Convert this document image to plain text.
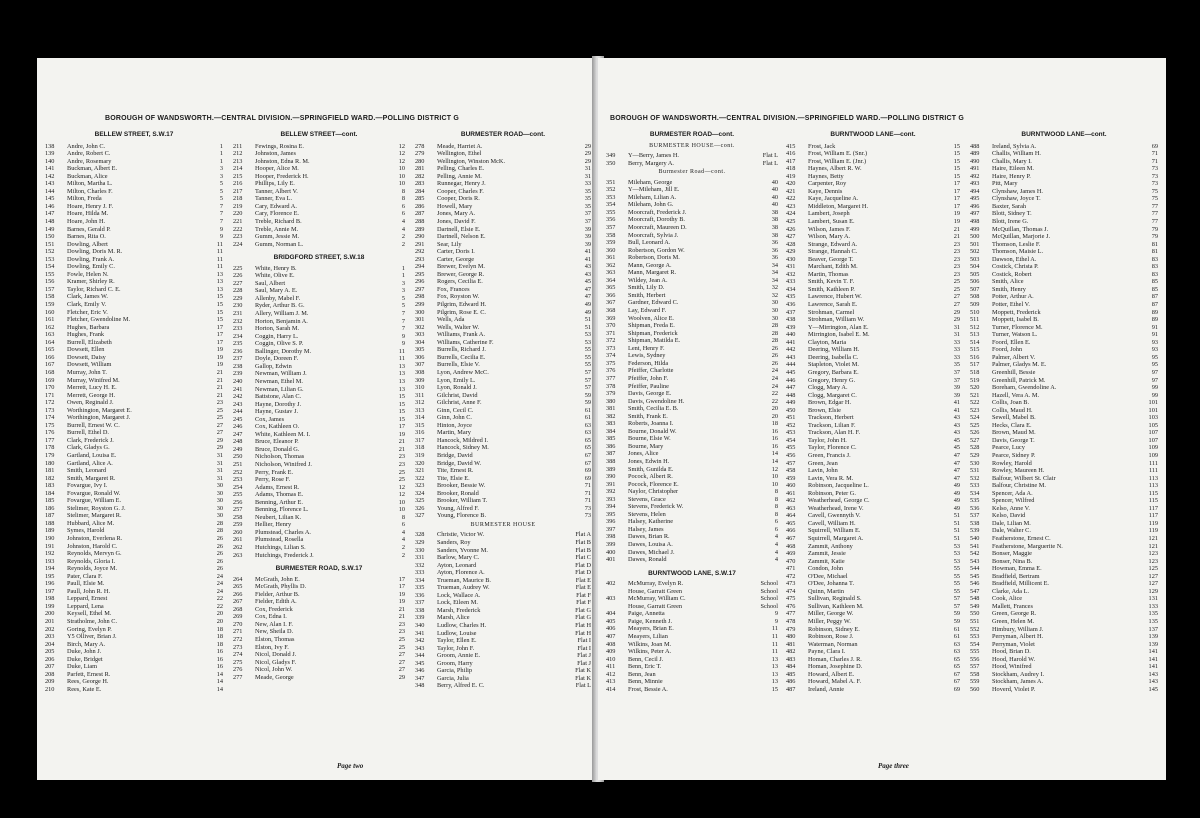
BOROUGH OF WANDSWORTH.—CENTRAL DIVISION.—SPRINGFIELD WARD.—POLLING DISTRICT G
BELLEW STREET, S.W.17
138	Andre, John C.	1
139	Andre, Robert C.	1
140	Andre, Rosemary	1
141	Buckman, Albert E.	3
142	Buckman, Alice	3
143	Milton, Martha L.	5
144	Milton, Charles F.	5
145	Milton, Freda	5
146	Hoare, Henry J. F.	7
147	Hoare, Hilda M.	7
148	Hoare, John H.	7
149	Barnes, Gerald P.	9
150	Barnes, Rita O.	9
151	Dowling, Albert	11
152	Dowling, Doris M. R.	11
153	Dowling, Frank A.	11
154	Dowling, Emily C.	11
155	Fowle, Helen N.	13
156	Kramer, Shirley R.	13
157	Taylor, Richard C. E.	13
158	Clark, James W.	15
159	Clark, Emily V.	15
160	Fletcher, Eric V.	15
161	Fletcher, Gwendoline M.	15
162	Hughes, Barbara	17
163	Hughes, Frank	17
164	Burrell, Elizabeth	17
165	Dowsett, Ellen	19
166	Dowsett, Daisy	19
167	Dowsett, William	19
168	Murray, John T.	21
169	Murray, Winifred M.	21
170	Merrett, Lucy H. E.	21
171	Merrett, George H.	21
172	Owen, Reginald J.	23
173	Worthington, Margaret E.	25
174	Worthington, Margaret J.	25
175	Burrell, Ernest W. C.	27
176	Burrell, Ethel D.	27
177	Clark, Frederick J.	29
178	Clark, Gladys G.	29
179	Gartland, Louisa E.	31
180	Gartland, Alice A.	31
181	Smith, Leonard	31
182	Smith, Margaret R.	31
183	Fovargue, Ivy I.	30
184	Fovargue, Ronald W.	30
185	Fovargue, William E.	30
186	Stelimer, Royston G. J.	30
187	Stelimer, Margaret R.	30
188	Hubbard, Alice M.	28
189	Symes, Harold	28
190	Johnston, Everlena R.	26
191	Johnston, Harold C.	26
192	Reynolds, Mervyn G.	26
193	Reynolds, Gloria I.	26
194	Reynolds, Joyce M.	26
195	Pater, Clara F.	24
196	Paull, Elsie M.	24
197	Paull, John R. H.	24
198	Leppard, Ernest	22
199	Leppard, Lena	22
200	Keysell, Ethel M.	20
201	Stratholme, John C.	20
202	Goring, Evelyn P.	18
203	Y5 Olliver, Brian J.	18
204	Birch, Mary A.	18
205	Duke, John J.	16
206	Duke, Bridget	16
207	Duke, Liam	16
208	Parfett, Ernest R.	14
209	Rees, George H.	14
210	Rees, Kate E.	14
BELLEW STREET—cont.
211	Fewings, Rosina E.	12
212	Johnston, James	12
213	Johnston, Edna R. M.	12
214	Hooper, Alice M.	10
215	Hooper, Frederick H.	10
216	Phillips, Lily E.	10
217	Tanner, Albert V.	8
218	Tanner, Eva L.	8
219	Cary, Edward A.	6
220	Cary, Florence E.	6
221	Treble, Richard B.	4
222	Treble, Annie M.	4
223	Gumm, Jessie M.	2
224	Gumm, Norman L.	2
BRIDGFORD STREET, S.W.18
225	White, Henry B.	1
226	White, Olive E.	1
227	Saul, Albert	3
228	Saul, Mary A. E.	3
229	Allenby, Mabel F.	5
230	Ryder, Arthur B. G.	5
231	Allery, William J. M.	7
232	Horton, Benjamin A.	7
233	Horton, Sarah M.	7
234	Coggin, Harry L.	9
235	Coggin, Olive S. P.	9
236	Ballinger, Dorothy M.	11
237	Doyle, Doreen F.	11
238	Gallop, Edwin	13
239	Newman, William J.	13
240	Newman, Ethel M.	13
241	Newman, Lilian G.	13
242	Battstone, Alan C.	15
243	Hayne, Dorothy J.	15
244	Hayne, Gustav J.	15
245	Cox, James	15
246	Cox, Kathleen O.	17
247	White, Kathleen M. I.	19
248	Bruce, Eleanor P.	21
249	Bruce, Donald G.	21
250	Nicholson, Thomas	23
251	Nicholson, Winifred J.	23
252	Perry, Frank E.	25
253	Perry, Rose F.	25
254	Adams, Ernest R.	12
255	Adams, Thomas E.	12
256	Benning, Arthur E.	10
257	Benning, Florence L.	10
258	Neubert, Lilian K.	8
259	Hellier, Henry	6
260	Plumstead, Charles A.	4
261	Plumstead, Rosella	4
262	Hutchings, Lilian S.	2
263	Hutchings, Frederick J.	2
BURMESTER ROAD, S.W.17
264	McGrath, John E.	17
265	McGrath, Phyllis D.	17
266	Fielder, Arthur B.	19
267	Fielder, Edith A.	19
268	Cox, Frederick	21
269	Cox, Edna I.	21
270	New, Alan I. F.	23
271	New, Sheila D.	23
272	Elston, Thomas	25
273	Elston, Ivy F.	25
274	Nicol, Donald J.	27
275	Nicol, Gladys F.	27
276	Nicol, John W.	27
277	Meade, George	29
BURMESTER ROAD—cont.
278	Meade, Harriet A.	29
279	Wellington, Ethel	29
280	Wellington, Winston McK.	29
281	Pelling, Charles E.	31
282	Pelling, Annie M.	31
283	Runnegar, Henry J.	33
284	Cooper, Charles F.	35
285	Cooper, Doris R.	35
286	Howell, Mary	35
287	Jones, Mary A.	37
288	Jones, David F.	37
289	Dartnell, Elsie E.	39
290	Dartnell, Nelson E.	39
291	Sear, Lily	39
292	Carter, Doris I.	41
293	Carter, George	41
294	Brewer, Evelyn M.	43
295	Brewer, George R.	43
296	Rogers, Cecilia E.	45
297	Fox, Frances	47
298	Fox, Royston W.	47
299	Pilgrim, Edward H.	49
300	Pilgrim, Rose E. C.	49
301	Wells, Ada	51
302	Wells, Walter W.	51
303	Williams, Frank A.	53
304	Williams, Catherine F.	53
305	Burrells, Richard J.	55
306	Burrells, Cecilia E.	55
307	Burrells, Elsie V.	55
308	Lyon, Andrew McC.	57
309	Lyon, Emily L.	57
310	Lyon, Ronald J.	57
311	Gilchrist, David	59
312	Gilchrist, Anne F.	59
313	Ginn, Cecil C.	61
314	Ginn, John C.	61
315	Hinton, Joyce	63
316	Martin, Mary	63
317	Hancock, Mildred I.	65
318	Hancock, Sidney M.	65
319	Bridge, David	67
320	Bridge, David W.	67
321	Tite, Ernest R.	69
322	Tite, Elsie E.	69
323	Brooker, Bessie W.	71
324	Brooker, Ronald	71
325	Brooker, William T.	71
326	Young, Alfred F.	73
327	Young, Florence B.	73
BURMESTER HOUSE
328	Christie, Victor W.	Flat A
329	Sanders, Roy	Flat B
330	Sanders, Yvonne M.	Flat B
331	Barlow, Mary C.	Flat C
332	Ayton, Leonard	Flat D
333	Ayton, Florence A.	Flat D
334	Trueman, Maurice B.	Flat E
335	Trueman, Audrey W.	Flat E
336	Lock, Wallace A.	Flat F
337	Lock, Eileen M.	Flat F
338	Marsh, Frederick	Flat G
339	Marsh, Alice	Flat G
340	Ludlow, Charles H.	Flat H
341	Ludlow, Louise	Flat H
342	Taylor, Ellen E.	Flat I
343	Taylor, John F.	Flat I
344	Groom, Annie E.	Flat J
345	Groom, Harry	Flat J
346	Garcia, Philip	Flat K
347	Garcia, Julia	Flat K
348	Berry, Alfred E. C.	Flat L
Page two
BOROUGH OF WANDSWORTH.—CENTRAL DIVISION.—SPRINGFIELD WARD.—POLLING DISTRICT G
BURMESTER ROAD—cont.
BURMESTER HOUSE—cont.
349	Y—Berry, James H.	Flat L
350	Berry, Margery A.	Flat L
Burmester Road—cont.
351	Mileham, George	40
352	Y—Mileham, Jill E.	40
353	Mileham, Lilian A.	40
354	Mileham, John G.	40
355	Moorcraft, Frederick J.	38
356	Moorcraft, Dorothy B.	38
357	Moorcraft, Maureen D.	38
358	Moorcraft, Sylvia J.	38
359	Bull, Leonard A.	36
360	Robertson, Gordon W.	36
361	Robertson, Doris M.	36
362	Mann, George A.	34
363	Mann, Margaret R.	34
364	Wildey, Jean A.	34
365	Smith, Lily D.	32
366	Smith, Herbert	32
367	Gardner, Edward C.	30
368	Lay, Edward F.	30
369	Woolven, Alice E.	30
370	Shipman, Freda E.	28
371	Shipman, Frederick	28
372	Shipman, Matilda E.	28
373	Lent, Henry F.	26
374	Lewis, Sydney	26
375	Federson, Hilda	26
376	Pfeiffer, Charlotte	24
377	Pfeiffer, John F.	24
378	Pfeiffer, Pauline	24
379	Davis, George E.	22
380	Davis, Gwendoline H.	22
381	Smith, Cecilia E. B.	20
382	Smith, Frank E.	20
383	Roberts, Joanna I.	18
384	Bourne, Donald W.	16
385	Bourne, Elsie W.	16
386	Bourne, Mary	16
387	Jones, Alice	14
388	Jones, Edwin H.	14
389	Smith, Gunilda E.	12
390	Pocock, Albert R.	10
391	Pocock, Florence E.	10
392	Naylor, Christopher	8
393	Stevens, Grace	8
394	Stevens, Frederick W.	8
395	Stevens, Helen	8
396	Halsey, Katherine	6
397	Halsey, James	6
398	Dawes, Brian R.	4
399	Dawes, Louisa A.	4
400	Dawes, Michael J.	4
401	Dawes, Ronald	4
BURNTWOOD LANE, S.W.17
402	McMurray, Evelyn R.	School
House, Garratt Green	School
403	McMurray, William C.	School
House, Garratt Green	School
404	Paige, Annetta	9
405	Paige, Kenneth J.	9
406	Meayers, Brian E.	11
407	Meayers, Lilian	11
408	Wilkins, Joan M.	11
409	Wilkins, Peter A.	11
410	Benn, Cecil J.	13
411	Benn, Eric T.	13
412	Benn, Jean	13
413	Benn, Minnie	13
414	Frost, Bessie A.	15
BURNTWOOD LANE—cont.
415	Frost, Jack	15
416	Frost, William E. (Snr.)	15
417	Frost, William E. (Jnr.)	15
418	Haynes, Albert R. W.	15
419	Haynes, Betty	15
420	Carpenter, Roy	17
421	Kaye, Dennis	17
422	Kaye, Jacqueline A.	17
423	Middleton, Margaret H.	17
424	Lambert, Joseph	19
425	Lambert, Susan E.	19
426	Wilson, James F.	21
427	Wilson, Mary A.	21
428	Strange, Edward A.	23
429	Strange, Hannah C.	23
430	Beaver, George T.	23
431	Marchant, Edith M.	23
432	Martin, Thomas	23
433	Smith, Kevin T. F.	25
434	Smith, Kathleen P.	25
435	Lawrence, Hubert W.	27
436	Lawrence, Sarah E.	27
437	Strohman, Carmel	29
438	Strohman, William W.	29
439	Y—Mirrington, Alan E.	31
440	Mirrington, Isabel E. M.	31
441	Clayton, Maria	33
442	Deering, William H.	33
443	Deering, Isabella C.	33
444	Stapleton, Violet M.	35
445	Gregory, Barbara E.	37
446	Gregory, Henry G.	37
447	Clogg, Mary A.	39
448	Clogg, Margaret C.	39
449	Brown, Edgar H.	41
450	Brown, Elsie	41
451	Trackson, Herbert	43
452	Trackson, Lilian F.	43
453	Trackson, Alan H. F.	43
454	Taylor, John H.	45
455	Taylor, Florence C.	45
456	Green, Francis J.	47
457	Green, Jean	47
458	Lavin, John	47
459	Lavin, Vera R. M.	47
460	Robinson, Jacqueline L.	49
461	Robinson, Peter G.	49
462	Weatherhead, George C.	49
463	Weatherhead, Irene V.	49
464	Cavell, Gwennyth V.	51
465	Cavell, William H.	51
466	Squirrell, William E.	51
467	Squirrell, Margaret A.	51
468	Zammit, Anthony	53
469	Zammit, Jessie	53
470	Zammit, Katie	53
471	Condon, John	55
472	O'Dee, Michael	55
473	O'Dee, Johanna T.	55
474	Quinn, Martin	55
475	Sullivan, Reginald S.	57
476	Sullivan, Kathleen M.	57
477	Miller, George W.	59
478	Miller, Peggy W.	59
479	Robinson, Sidney E.	61
480	Robinson, Rose J.	61
481	Waterman, Norman	63
482	Payne, Clara I.	63
483	Homan, Charles J. R.	65
484	Homan, Josephine D.	65
485	Howard, Albert E.	67
486	Howard, Mabel A. F.	67
487	Ireland, Annie	69
BURNTWOOD LANE—cont.
488	Ireland, Sylvia A.	69
489	Challis, William H.	71
490	Challis, Mary I.	71
491	Haire, Eileen M.	73
492	Haire, Henry P.	73
493	Pitt, Mary	73
494	Clynshaw, James H.	75
495	Clynshaw, Joyce T.	75
496	Baxter, Sarah	77
497	Blott, Sidney T.	77
498	Blott, Irene G.	77
499	McQuillan, Thomas J.	79
500	McQuillan, Marjorie J.	79
501	Thomson, Leslie F.	81
502	Thomson, Maisie L.	81
503	Dawson, Ethel A.	83
504	Costick, Christa P.	83
505	Costick, Robert	83
506	Smith, Alice	85
507	Smith, Henry	85
508	Potter, Arthur A.	87
509	Potter, Ethel V.	87
510	Moppett, Frederick	89
511	Moppett, Isabel B.	89
512	Turner, Florence M.	91
513	Turner, Watson L.	91
514	Foord, Ellen E.	93
515	Foord, John	93
516	Palmer, Albert V.	95
517	Palmer, Gladys M. E.	95
518	Greenhill, Bessie	97
519	Greenhill, Patrick M.	97
520	Boreham, Gwendoline A.	99
521	Hazell, Vera A. M.	99
522	Collis, Joan B.	101
523	Collis, Maud H.	101
524	Sewell, Mabel B.	103
525	Hecks, Clara E.	105
526	Brown, Maud M.	107
527	Davis, George T.	107
528	Pearce, Lucy	109
529	Pearce, Sidney P.	109
530	Rowley, Harold	111
531	Rowley, Maureen H.	111
532	Balfour, Wilbert St. Clair	113
533	Balfour, Christine M.	113
534	Spencer, Ada A.	115
535	Spencer, Wilfred	115
536	Kelso, Anne V.	117
537	Kelso, David	117
538	Dale, Lilian M.	119
539	Dale, Walter C.	119
540	Featherstone, Ernest C.	121
541	Featherstone, Marguerite N.	121
542	Bonser, Maggie	123
543	Bonser, Nina B.	123
544	Howman, Emma E.	125
545	Bradfield, Bertram	127
546	Bradfield, Millicent E.	127
547	Clarke, Ada L.	129
548	Cook, Alice	131
549	Mallett, Frances	133
550	Green, George R.	135
551	Green, Helen M.	135
552	Himbury, William J.	137
553	Perryman, Albert H.	139
554	Perryman, Violet	139
555	Hood, Brian D.	141
556	Hood, Harold W.	141
557	Hood, Winifred	141
558	Stockham, Audrey I.	143
559	Stockham, James A.	143
560	Hoverd, Violet P.	145
Page three
